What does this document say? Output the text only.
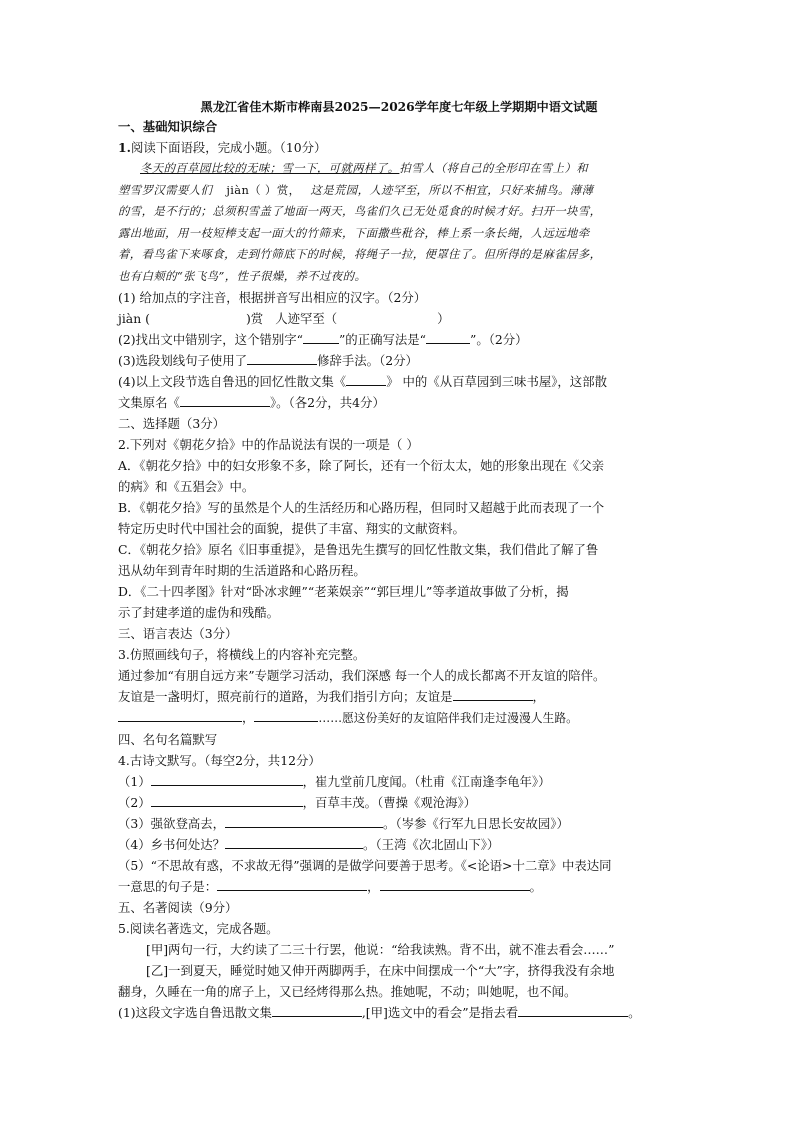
黑龙江省佳木斯市桦南县2025—2026学年度七年级上学期期中语文试题

一、基础知识综合

1.阅读下面语段，完成小题。（10分）

冬天的百草园比较的无味；雪一下，可就两样了。拍雪人（将自己的全形印在雪上）和

塑雪罗汉需要人们 jiàn（ ）赏， 这是荒园，人迹罕至，所以不相宜，只好来捕鸟。薄薄

的雪，是不行的；总须积雪盖了地面一两天，鸟雀们久已无处觅食的时候才好。扫开一块雪，

露出地面，用一枝短棒支起一面大的竹筛来，下面撒些秕谷，棒上系一条长绳，人远远地牵

着，看鸟雀下来啄食，走到竹筛底下的时候，将绳子一拉，便罩住了。但所得的是麻雀居多，

也有白颊的“张飞鸟”，性子很燥，养不过夜的。

(1) 给加点的字注音，根据拼音写出相应的汉字。（2分）

jiàn (	)赏 人迹罕至（	）

(2)找出文中错别字，这个错别字“	”的正确写法是“	”。（2分）

(3)选段划线句子使用了	修辞手法。（2分）

(4)以上文段节选自鲁迅的回忆性散文集《	》 中的《从百草园到三味书屋》，这部散

文集原名《	》。（各2分，共4分）

二、选择题（3分）

2.下列对《朝花夕拾》中的作品说法有误的一项是（ ）

A．《朝花夕拾》中的妇女形象不多，除了阿长，还有一个衍太太，她的形象出现在《父亲

的病》和《五猖会》中。

B．《朝花夕拾》写的虽然是个人的生活经历和心路历程，但同时又超越于此而表现了一个

特定历史时代中国社会的面貌，提供了丰富、翔实的文献资料。

C．《朝花夕拾》原名《旧事重提》，是鲁迅先生撰写的回忆性散文集，我们借此了解了鲁

迅从幼年到青年时期的生活道路和心路历程。

D．《二十四孝图》针对“卧冰求鲤”“老莱娱亲”“郭巨埋儿”等孝道故事做了分析，揭

示了封建孝道的虚伪和残酷。

三、语言表达（3分）

3.仿照画线句子，将横线上的内容补充完整。

通过参加“有朋自远方来”专题学习活动，我们深感 每一个人的成长都离不开友谊的陪伴。

友谊是一盏明灯，照亮前行的道路，为我们指引方向；友谊是	，

，	……愿这份美好的友谊陪伴我们走过漫漫人生路。

四、名句名篇默写

4.古诗文默写。（每空2分，共12分）

（1）	，崔九堂前几度闻。（杜甫《江南逢李龟年》）

（2）	，百草丰茂。（曹操《观沧海》）

（3）强欲登高去，	。（岑参《行军九日思长安故园》）

（4）乡书何处达？	。（王湾《次北固山下》）

（5）“不思故有惑，不求故无得”强调的是做学问要善于思考。《<论语>十二章》中表达同

一意思的句子是：	，	。

五、名著阅读（9分）

5.阅读名著选文，完成各题。

[甲]两句一行，大约读了二三十行罢，他说：“给我读熟。背不出，就不准去看会……”

[乙]一到夏天，睡觉时她又伸开两脚两手，在床中间摆成一个“大”字，挤得我没有余地

翻身，久睡在一角的席子上，又已经烤得那么热。推她呢，不动；叫她呢，也不闻。

(1)这段文字选自鲁迅散文集	,[甲]选文中的看会”是指去看	。
